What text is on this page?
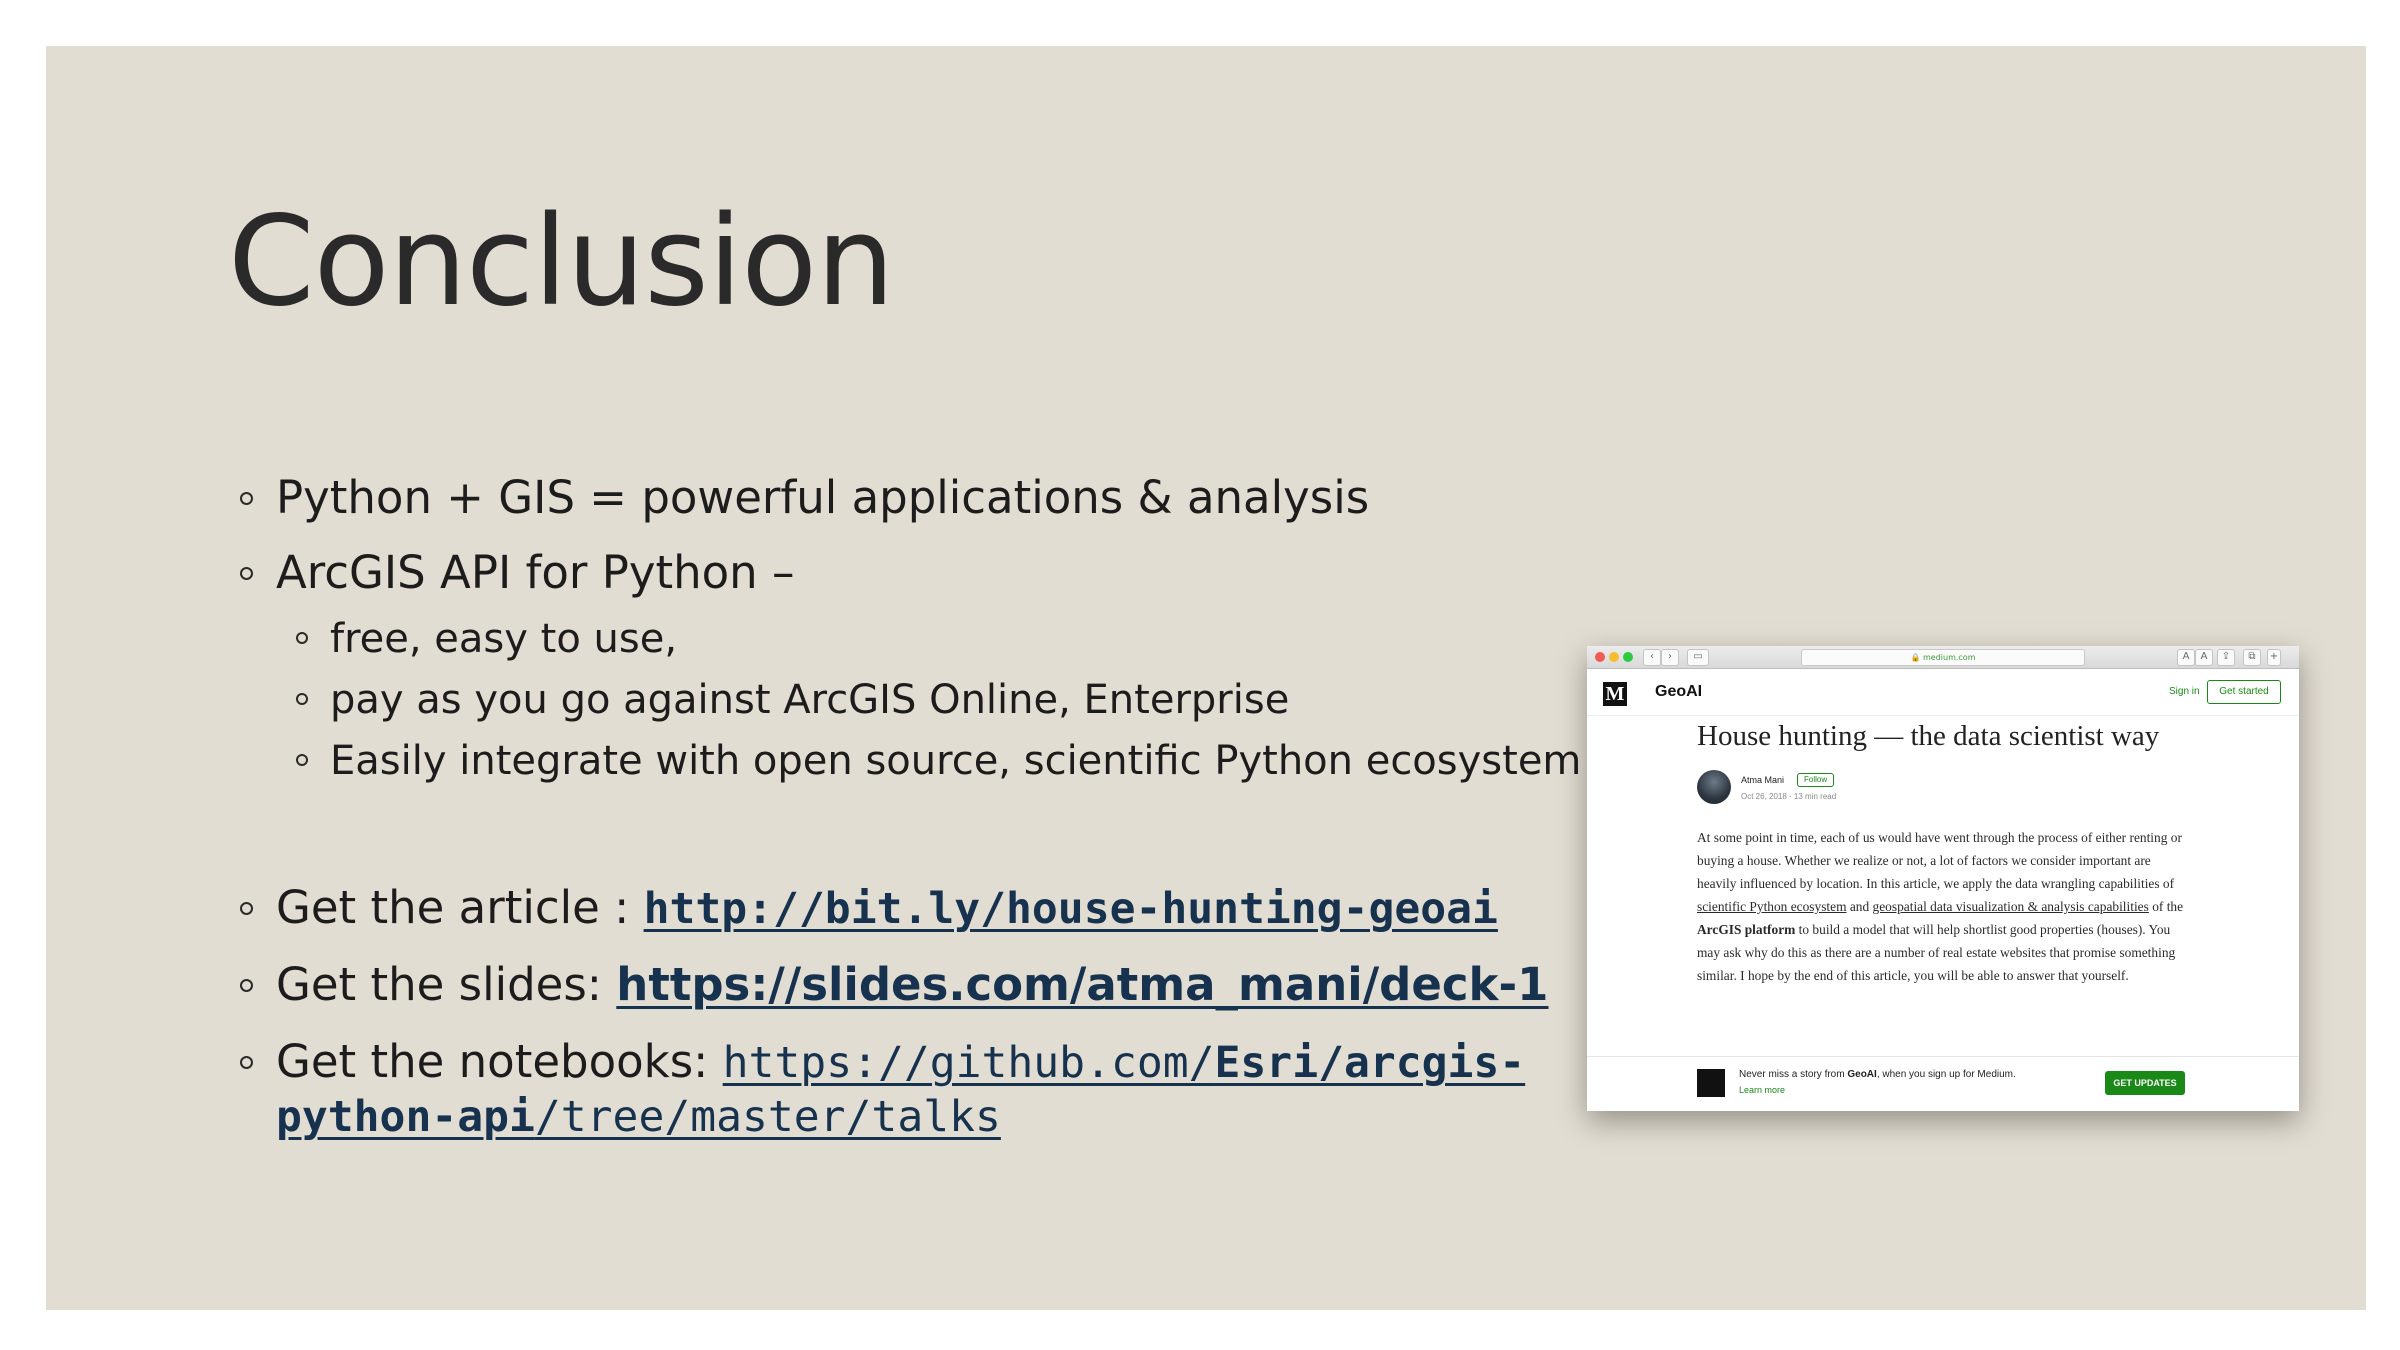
Conclusion
Python + GIS = powerful applications & analysis
ArcGIS API for Python –
free, easy to use,
pay as you go against ArcGIS Online, Enterprise
Easily integrate with open source, scientific Python ecosystem
Get the article : http://bit.ly/house-hunting-geoai
Get the slides: https://slides.com/atma_mani/deck-1
Get the notebooks: https://github.com/Esri/arcgis-
python-api/tree/master/talks
‹	›	▭	🔒 medium.com	A	A	⇪	⧉	+
M GeoAI	Sign in	Get started
House hunting — the data scientist way
Atma Mani	Follow
Oct 26, 2018 · 13 min read
At some point in time, each of us would have went through the process of either renting or buying a house. Whether we realize or not, a lot of factors we consider important are heavily influenced by location. In this article, we apply the data wrangling capabilities of scientific Python ecosystem and geospatial data visualization & analysis capabilities of the ArcGIS platform to build a model that will help shortlist good properties (houses). You may ask why do this as there are a number of real estate websites that promise something similar. I hope by the end of this article, you will be able to answer that yourself.
Never miss a story from GeoAI, when you sign up for Medium.
Learn more
GET UPDATES
